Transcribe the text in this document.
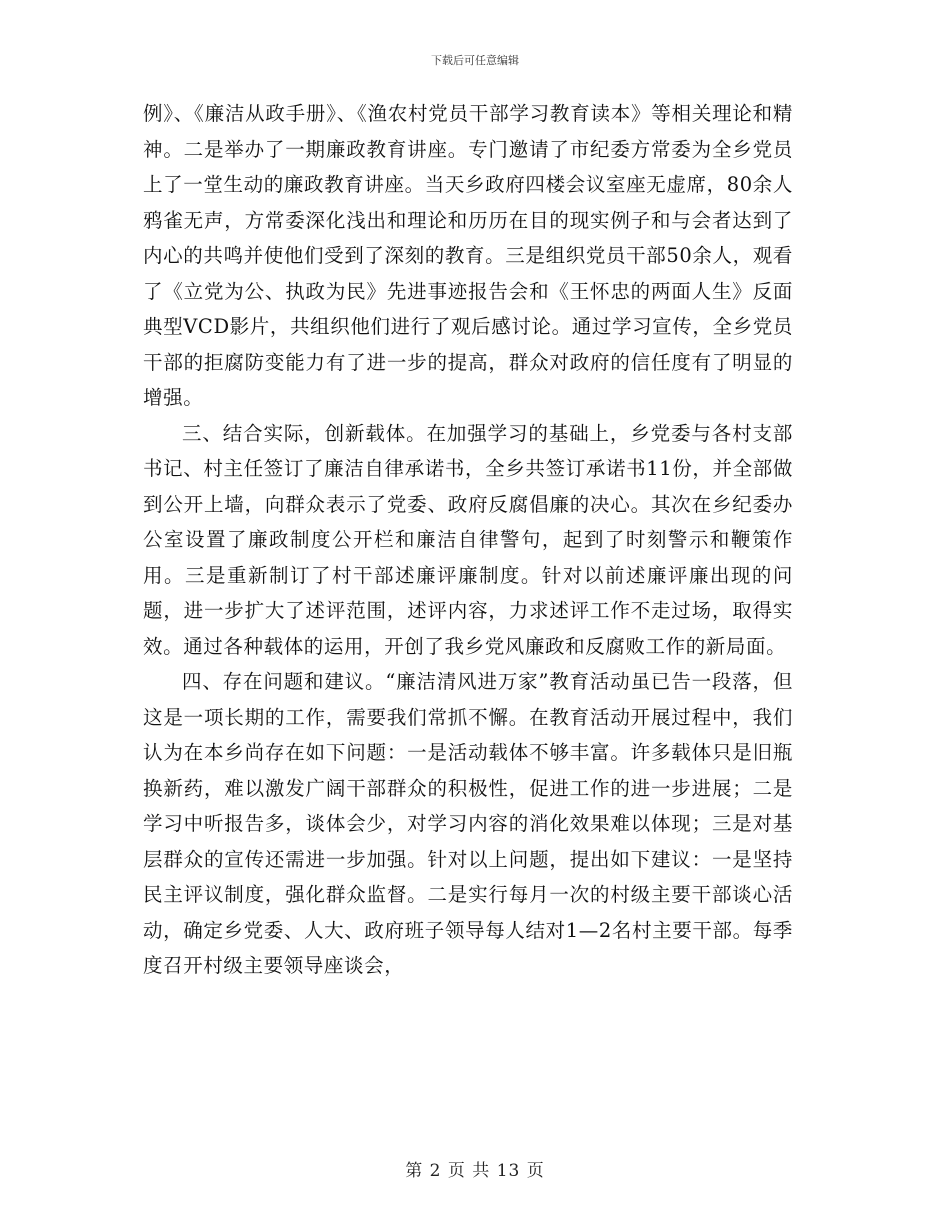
下载后可任意编辑

例》、《廉洁从政手册》、《渔农村党员干部学习教育读本》等相关理论和精神。二是举办了一期廉政教育讲座。专门邀请了市纪委方常委为全乡党员上了一堂生动的廉政教育讲座。当天乡政府四楼会议室座无虚席，80余人鸦雀无声，方常委深化浅出和理论和历历在目的现实例子和与会者达到了内心的共鸣并使他们受到了深刻的教育。三是组织党员干部50余人，观看了《立党为公、执政为民》先进事迹报告会和《王怀忠的两面人生》反面典型VCD影片，共组织他们进行了观后感讨论。通过学习宣传，全乡党员干部的拒腐防变能力有了进一步的提高，群众对政府的信任度有了明显的增强。

三、结合实际，创新载体。在加强学习的基础上，乡党委与各村支部书记、村主任签订了廉洁自律承诺书，全乡共签订承诺书11份，并全部做到公开上墙，向群众表示了党委、政府反腐倡廉的决心。其次在乡纪委办公室设置了廉政制度公开栏和廉洁自律警句，起到了时刻警示和鞭策作用。三是重新制订了村干部述廉评廉制度。针对以前述廉评廉出现的问题，进一步扩大了述评范围，述评内容，力求述评工作不走过场，取得实效。通过各种载体的运用，开创了我乡党风廉政和反腐败工作的新局面。

四、存在问题和建议。“廉洁清风进万家”教育活动虽已告一段落，但这是一项长期的工作，需要我们常抓不懈。在教育活动开展过程中，我们认为在本乡尚存在如下问题：一是活动载体不够丰富。许多载体只是旧瓶换新药，难以激发广阔干部群众的积极性，促进工作的进一步进展；二是学习中听报告多，谈体会少，对学习内容的消化效果难以体现；三是对基层群众的宣传还需进一步加强。针对以上问题，提出如下建议：一是坚持民主评议制度，强化群众监督。二是实行每月一次的村级主要干部谈心活动，确定乡党委、人大、政府班子领导每人结对1—2名村主要干部。每季度召开村级主要领导座谈会，

第 2 页 共 13 页
